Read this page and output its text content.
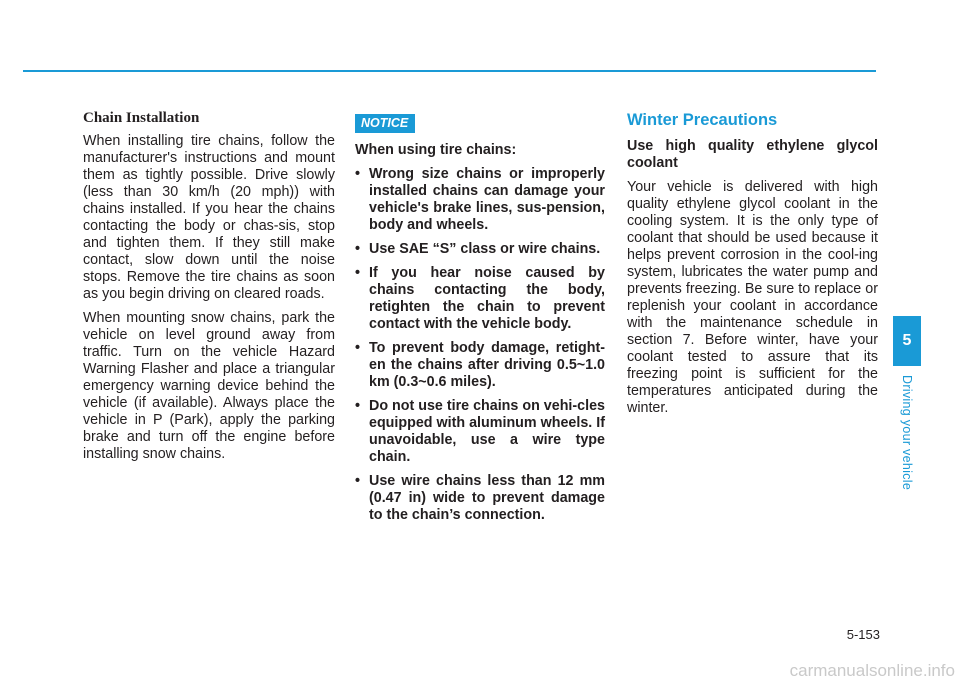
Chain Installation

When installing tire chains, follow the manufacturer's instructions and mount them as tightly possible. Drive slowly (less than 30 km/h (20 mph)) with chains installed. If you hear the chains contacting the body or chas-sis, stop and tighten them. If they still make contact, slow down until the noise stops. Remove the tire chains as soon as you begin driving on cleared roads.

When mounting snow chains, park the vehicle on level ground away from traffic. Turn on the vehicle Hazard Warning Flasher and place a triangular emergency warning device behind the vehicle (if available). Always place the vehicle in P (Park), apply the parking brake and turn off the engine before installing snow chains.

NOTICE

When using tire chains:

• Wrong size chains or improperly installed chains can damage your vehicle's brake lines, sus-pension, body and wheels.
• Use SAE “S” class or wire chains.
• If you hear noise caused by chains contacting the body, retighten the chain to prevent contact with the vehicle body.
• To prevent body damage, retight-en the chains after driving 0.5~1.0 km (0.3~0.6 miles).
• Do not use tire chains on vehi-cles equipped with aluminum wheels. If unavoidable, use a wire type chain.
• Use wire chains less than 12 mm (0.47 in) wide to prevent damage to the chain’s connection.
Winter Precautions

Use high quality ethylene glycol coolant

Your vehicle is delivered with high quality ethylene glycol coolant in the cooling system. It is the only type of coolant that should be used because it helps prevent corrosion in the cool-ing system, lubricates the water pump and prevents freezing. Be sure to replace or replenish your coolant in accordance with the maintenance schedule in section 7. Before winter, have your coolant tested to assure that its freezing point is sufficient for the temperatures anticipated during the winter.

5
Driving your vehicle
5-153
carmanualsonline.info
